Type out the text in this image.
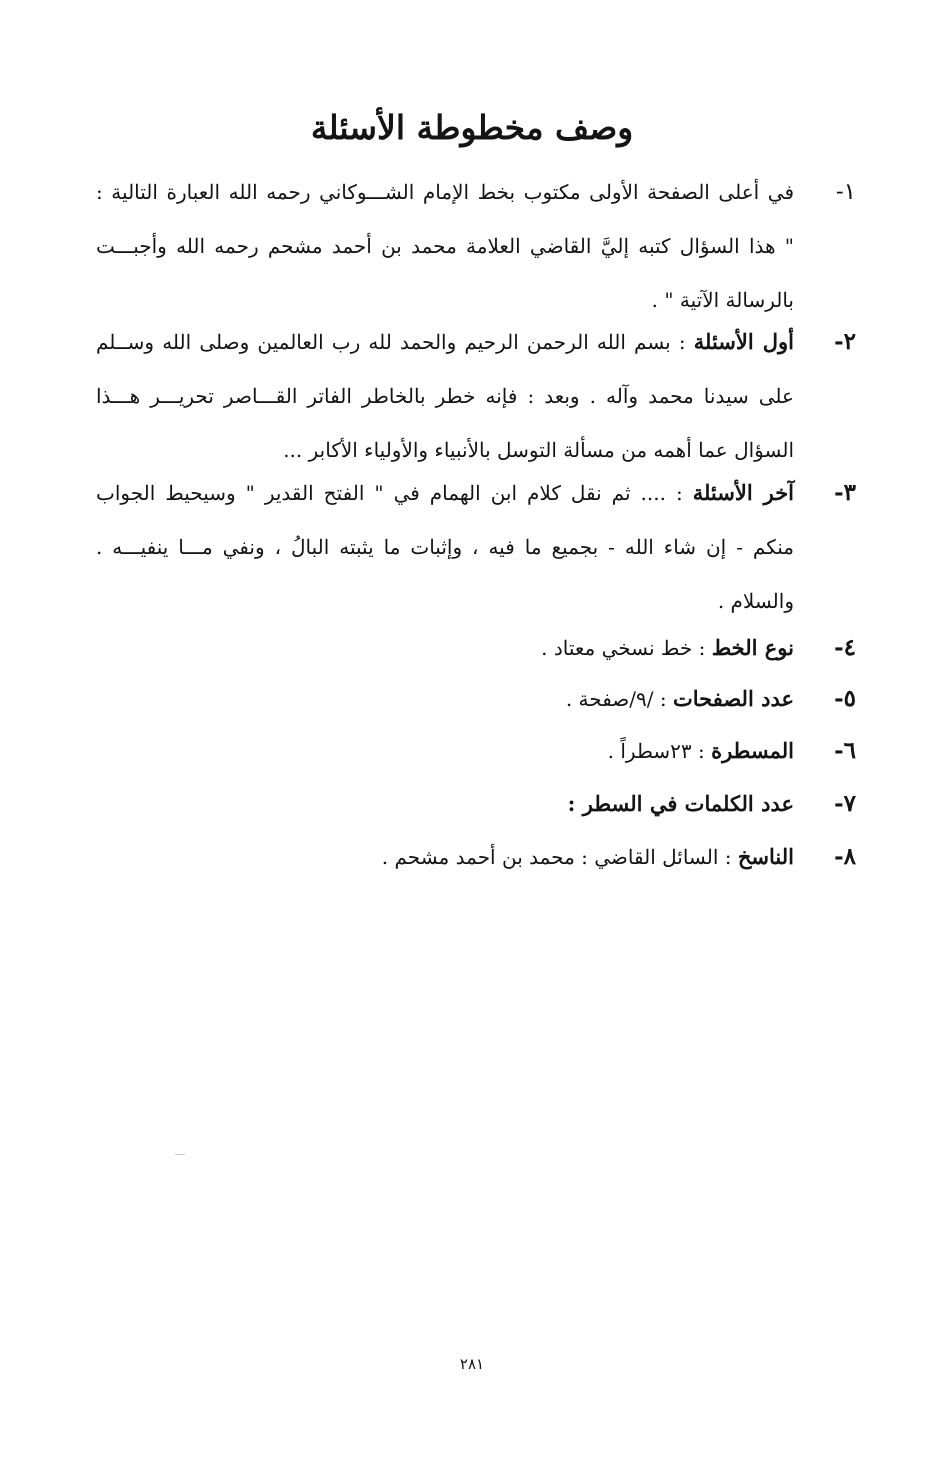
وصف مخطوطة الأسئلة
١-
في أعلى الصفحة الأولى مكتوب بخط الإمام الشـــوكاني رحمه الله العبارة التالية :
" هذا السؤال كتبه إليَّ القاضي العلامة محمد بن أحمد مشحم رحمه الله وأجبـــت
بالرسالة الآتية " .
٢-
أول الأسئلة : بسم الله الرحمن الرحيم والحمد لله رب العالمين وصلى الله وســلم
على سيدنا محمد وآله . وبعد : فإنه خطر بالخاطر الفاتر القـــاصر تحريـــر هـــذا
السؤال عما أهمه من مسألة التوسل بالأنبياء والأولياء الأكابر ...
٣-
آخر الأسئلة : .... ثم نقل كلام ابن الهمام في " الفتح القدير " وسيحيط الجواب
منكم - إن شاء الله - بجميع ما فيه ، وإثبات ما يثبته البالُ ، ونفي مـــا ينفيـــه .
والسلام .
٤-
نوع الخط : خط نسخي معتاد .
٥-
عدد الصفحات : /٩/صفحة .
٦-
المسطرة : ٢٣سطراً .
٧-
عدد الكلمات في السطر :
٨-
الناسخ : السائل القاضي : محمد بن أحمد مشحم .
٢٨١
